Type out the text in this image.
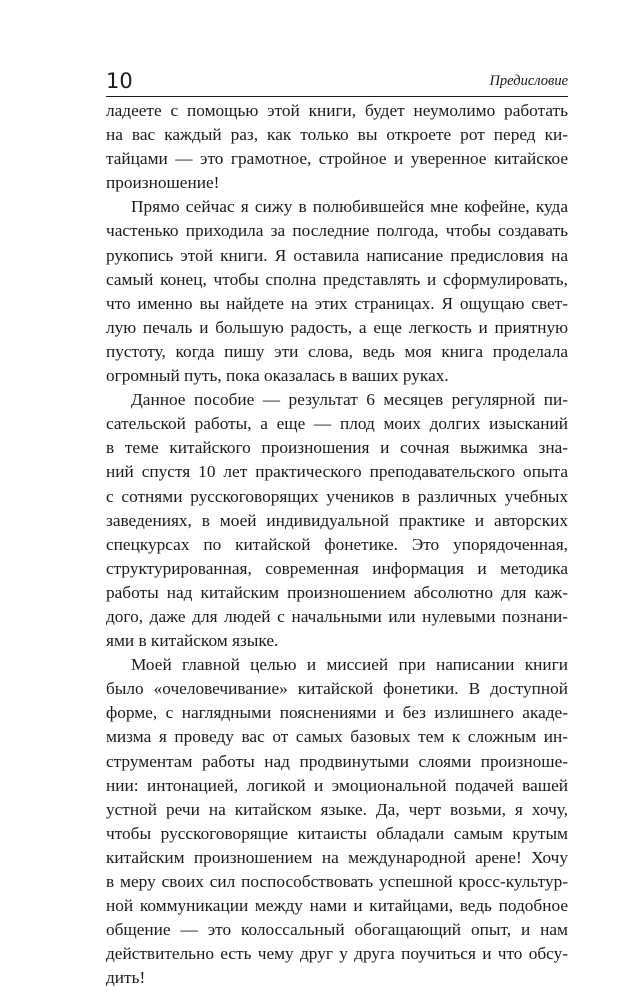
10	Предисловие
ладеете с помощью этой книги, будет неумолимо работать
на вас каждый раз, как только вы откроете рот перед ки-
тайцами — это грамотное, стройное и уверенное китайское
произношение!
Прямо сейчас я сижу в полюбившейся мне кофейне, куда
частенько приходила за последние полгода, чтобы создавать
рукопись этой книги. Я оставила написание предисловия на
самый конец, чтобы сполна представлять и сформулировать,
что именно вы найдете на этих страницах. Я ощущаю свет-
лую печаль и большую радость, а еще легкость и приятную
пустоту, когда пишу эти слова, ведь моя книга проделала
огромный путь, пока оказалась в ваших руках.
Данное пособие — результат 6 месяцев регулярной пи-
сательской работы, а еще — плод моих долгих изысканий
в теме китайского произношения и сочная выжимка зна-
ний спустя 10 лет практического преподавательского опыта
с сотнями русскоговорящих учеников в различных учебных
заведениях, в моей индивидуальной практике и авторских
спецкурсах по китайской фонетике. Это упорядоченная,
структурированная, современная информация и методика
работы над китайским произношением абсолютно для каж-
дого, даже для людей с начальными или нулевыми познани-
ями в китайском языке.
Моей главной целью и миссией при написании книги
было «очеловечивание» китайской фонетики. В доступной
форме, с наглядными пояснениями и без излишнего акаде-
мизма я проведу вас от самых базовых тем к сложным ин-
струментам работы над продвинутыми слоями произноше-
нии: интонацией, логикой и эмоциональной подачей вашей
устной речи на китайском языке. Да, черт возьми, я хочу,
чтобы русскоговорящие китаисты обладали самым крутым
китайским произношением на международной арене! Хочу
в меру своих сил поспособствовать успешной кросс-культур-
ной коммуникации между нами и китайцами, ведь подобное
общение — это колоссальный обогащающий опыт, и нам
действительно есть чему друг у друга поучиться и что обсу-
дить!
